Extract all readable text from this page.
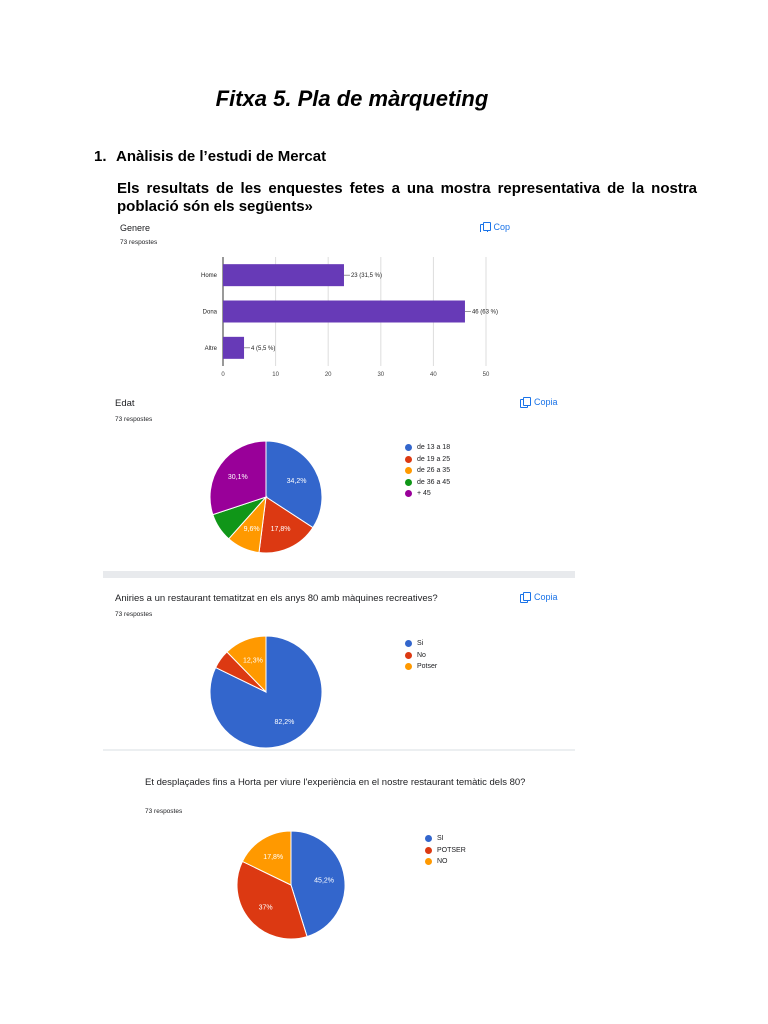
Fitxa 5. Pla de màrqueting
1. Anàlisis de l’estudi de Mercat
Els resultats de les enquestes fetes a una mostra representativa de la nostra població són els següents»
Genere
73 respostes
Cop
0	10	20	30	40	50
Home	23 (31,5 %)
Dona	46 (63 %)
Altre	4 (5,5 %)
Edat
73 respostes
Copia
34,2%
17,8%
9,6%
30,1%
de 13 a 18
de 19 a 25
de 26 a 35
de 36 a 45
+ 45
Aniries a un restaurant tematitzat en els anys 80 amb màquines recreatives?
73 respostes
Copia
82,2%
12,3%
Si
No
Potser
Et desplaçades fins a Horta per viure l'experiència en el nostre restaurant temàtic dels 80?
73 respostes
45,2%
37%
17,8%
SI
POTSER
NO
